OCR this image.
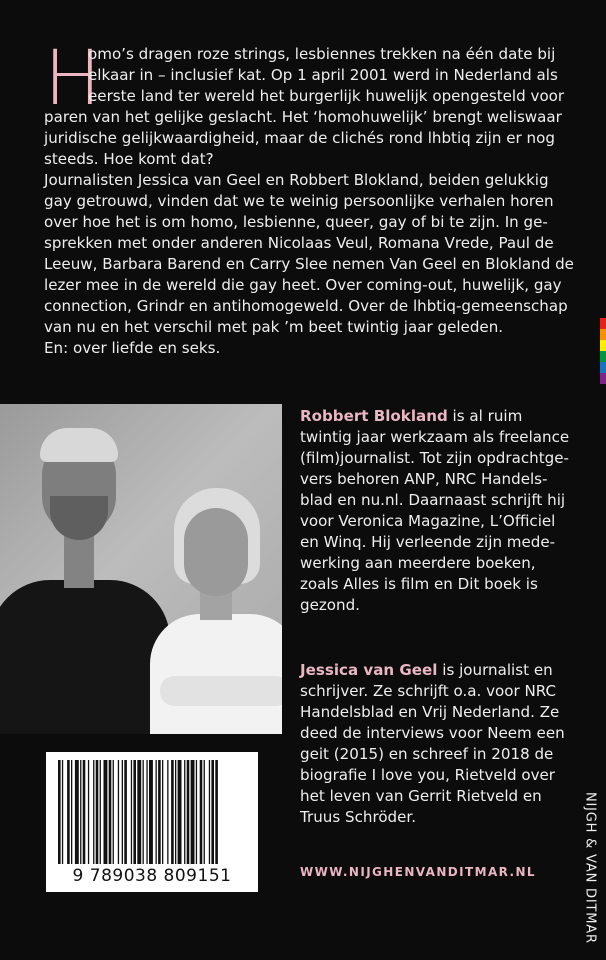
H
omo’s dragen roze strings, lesbiennes trekken na één date bij
elkaar in – inclusief kat. Op 1 april 2001 werd in Nederland als
eerste land ter wereld het burgerlijk huwelijk opengesteld voor
paren van het gelijke geslacht. Het ‘homohuwelijk’ brengt weliswaar
juridische gelijkwaardigheid, maar de clichés rond lhbtiq zijn er nog
steeds. Hoe komt dat?
Journalisten Jessica van Geel en Robbert Blokland, beiden gelukkig
gay getrouwd, vinden dat we te weinig persoonlijke verhalen horen
over hoe het is om homo, lesbienne, queer, gay of bi te zijn. In ge-
sprekken met onder anderen Nicolaas Veul, Romana Vrede, Paul de
Leeuw, Barbara Barend en Carry Slee nemen Van Geel en Blokland de
lezer mee in de wereld die gay heet. Over coming-out, huwelijk, gay
connection, Grindr en antihomogeweld. Over de lhbtiq-gemeenschap
van nu en het verschil met pak ’m beet twintig jaar geleden.
En: over liefde en seks.
Robbert Blokland is al ruim
twintig jaar werkzaam als freelance
(film)journalist. Tot zijn opdrachtge-
vers behoren ANP, NRC Handels-
blad en nu.nl. Daarnaast schrijft hij
voor Veronica Magazine, L’Officiel
en Winq. Hij verleende zijn mede-
werking aan meerdere boeken,
zoals Alles is film en Dit boek is
gezond.
Jessica van Geel is journalist en
schrijver. Ze schrijft o.a. voor NRC
Handelsblad en Vrij Nederland. Ze
deed de interviews voor Neem een
geit (2015) en schreef in 2018 de
biografie I love you, Rietveld over
het leven van Gerrit Rietveld en
Truus Schröder.
9 789038 809151	WWW.NIJGHENVANDITMAR.NL	NIJGH & VAN DITMAR
